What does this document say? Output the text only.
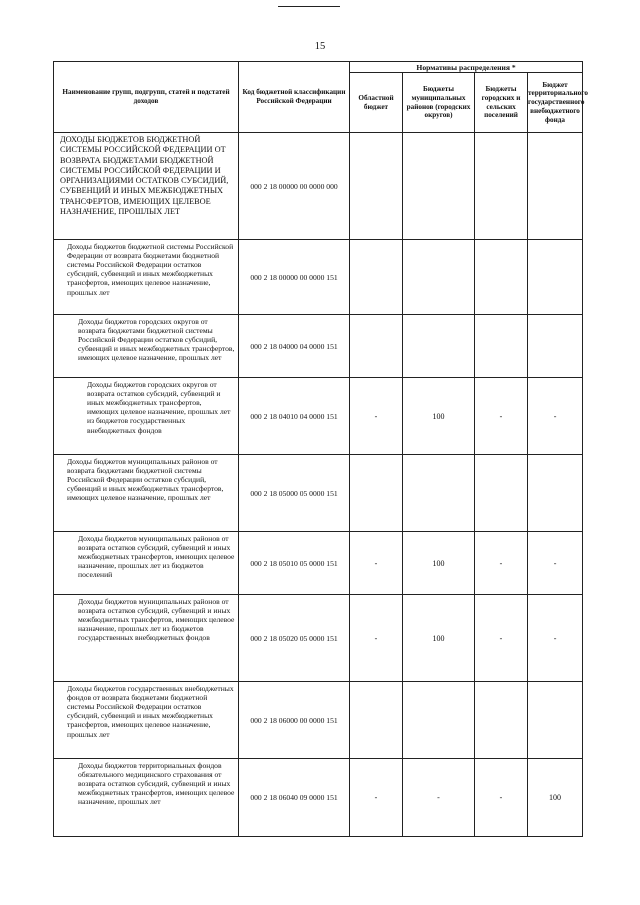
15
Наименование групп, подгрупп, статей и подстатей доходов	Код бюджетной классификации Российской Федерации	Нормативы распределения *			
		Областной бюджет	Бюджеты муниципальных районов (городских округов)	Бюджеты городских и сельских поселений	Бюджет территориального государственного внебюджетного фонда
ДОХОДЫ БЮДЖЕТОВ БЮДЖЕТНОЙ СИСТЕМЫ РОССИЙСКОЙ ФЕДЕРАЦИИ ОТ ВОЗВРАТА БЮДЖЕТАМИ БЮДЖЕТНОЙ СИСТЕМЫ РОССИЙСКОЙ ФЕДЕРАЦИИ И ОРГАНИЗАЦИЯМИ ОСТАТКОВ СУБСИДИЙ, СУБВЕНЦИЙ И ИНЫХ МЕЖБЮДЖЕТНЫХ ТРАНСФЕРТОВ, ИМЕЮЩИХ ЦЕЛЕВОЕ НАЗНАЧЕНИЕ, ПРОШЛЫХ ЛЕТ	000 2 18 00000 00 0000 000				
Доходы бюджетов бюджетной системы Российской Федерации от возврата бюджетами бюджетной системы Российской Федерации остатков субсидий, субвенций и иных межбюджетных трансфертов, имеющих целевое назначение, прошлых лет	000 2 18 00000 00 0000 151				
Доходы бюджетов городских округов от возврата бюджетами бюджетной системы Российской Федерации остатков субсидий, субвенций и иных межбюджетных трансфертов, имеющих целевое назначение, прошлых лет	000 2 18 04000 04 0000 151				
Доходы бюджетов городских округов от возврата остатков субсидий, субвенций и иных межбюджетных трансфертов, имеющих целевое назначение, прошлых лет из бюджетов государственных внебюджетных фондов	000 2 18 04010 04 0000 151	-	100	-	-
Доходы бюджетов муниципальных районов от возврата бюджетами бюджетной системы Российской Федерации остатков субсидий, субвенций и иных межбюджетных трансфертов, имеющих целевое назначение, прошлых лет	000 2 18 05000 05 0000 151				
Доходы бюджетов муниципальных районов от возврата остатков субсидий, субвенций и иных межбюджетных трансфертов, имеющих целевое назначение, прошлых лет из бюджетов поселений	000 2 18 05010 05 0000 151	-	100	-	-
Доходы бюджетов муниципальных районов от возврата остатков субсидий, субвенций и иных межбюджетных трансфертов, имеющих целевое назначение, прошлых лет из бюджетов государственных внебюджетных фондов	000 2 18 05020 05 0000 151	-	100	-	-
Доходы бюджетов государственных внебюджетных фондов от возврата бюджетами бюджетной системы Российской Федерации остатков субсидий, субвенций и иных межбюджетных трансфертов, имеющих целевое назначение, прошлых лет	000 2 18 06000 00 0000 151				
Доходы бюджетов территориальных фондов обязательного медицинского страхования от возврата остатков субсидий, субвенций и иных межбюджетных трансфертов, имеющих целевое назначение, прошлых лет	000 2 18 06040 09 0000 151	-	-	-	100
